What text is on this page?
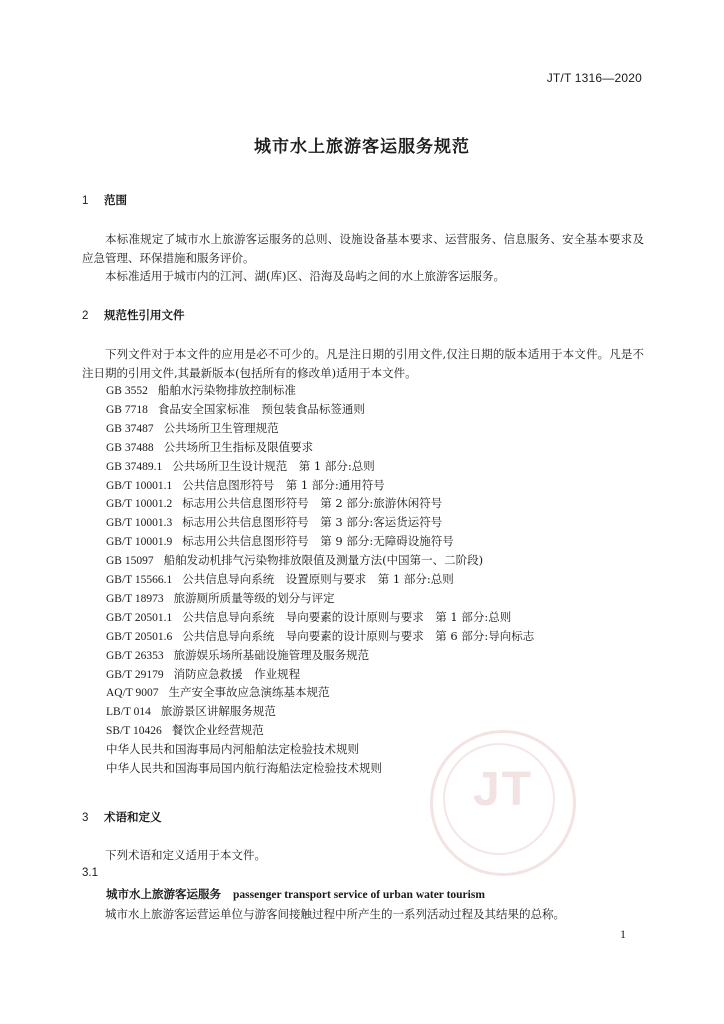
JT/T 1316—2020
城市水上旅游客运服务规范
1 范围
本标准规定了城市水上旅游客运服务的总则、设施设备基本要求、运营服务、信息服务、安全基本要求及应急管理、环保措施和服务评价。
本标准适用于城市内的江河、湖(库)区、沿海及岛屿之间的水上旅游客运服务。
2 规范性引用文件
下列文件对于本文件的应用是必不可少的。凡是注日期的引用文件,仅注日期的版本适用于本文件。凡是不注日期的引用文件,其最新版本(包括所有的修改单)适用于本文件。
GB 3552 船舶水污染物排放控制标准
GB 7718 食品安全国家标准　预包装食品标签通则
GB 37487 公共场所卫生管理规范
GB 37488 公共场所卫生指标及限值要求
GB 37489.1 公共场所卫生设计规范　第 1 部分:总则
GB/T 10001.1 公共信息图形符号　第 1 部分:通用符号
GB/T 10001.2 标志用公共信息图形符号　第 2 部分:旅游休闲符号
GB/T 10001.3 标志用公共信息图形符号　第 3 部分:客运货运符号
GB/T 10001.9 标志用公共信息图形符号　第 9 部分:无障碍设施符号
GB 15097 船舶发动机排气污染物排放限值及测量方法(中国第一、二阶段)
GB/T 15566.1 公共信息导向系统　设置原则与要求　第 1 部分:总则
GB/T 18973 旅游厕所质量等级的划分与评定
GB/T 20501.1 公共信息导向系统　导向要素的设计原则与要求　第 1 部分:总则
GB/T 20501.6 公共信息导向系统　导向要素的设计原则与要求　第 6 部分:导向标志
GB/T 26353 旅游娱乐场所基础设施管理及服务规范
GB/T 29179 消防应急救援　作业规程
AQ/T 9007 生产安全事故应急演练基本规范
LB/T 014 旅游景区讲解服务规范
SB/T 10426 餐饮企业经营规范
中华人民共和国海事局内河船舶法定检验技术规则
中华人民共和国海事局国内航行海船法定检验技术规则
3 术语和定义
下列术语和定义适用于本文件。
3.1
城市水上旅游客运服务 passenger transport service of urban water tourism
城市水上旅游客运营运单位与游客间接触过程中所产生的一系列活动过程及其结果的总称。
JT
1
